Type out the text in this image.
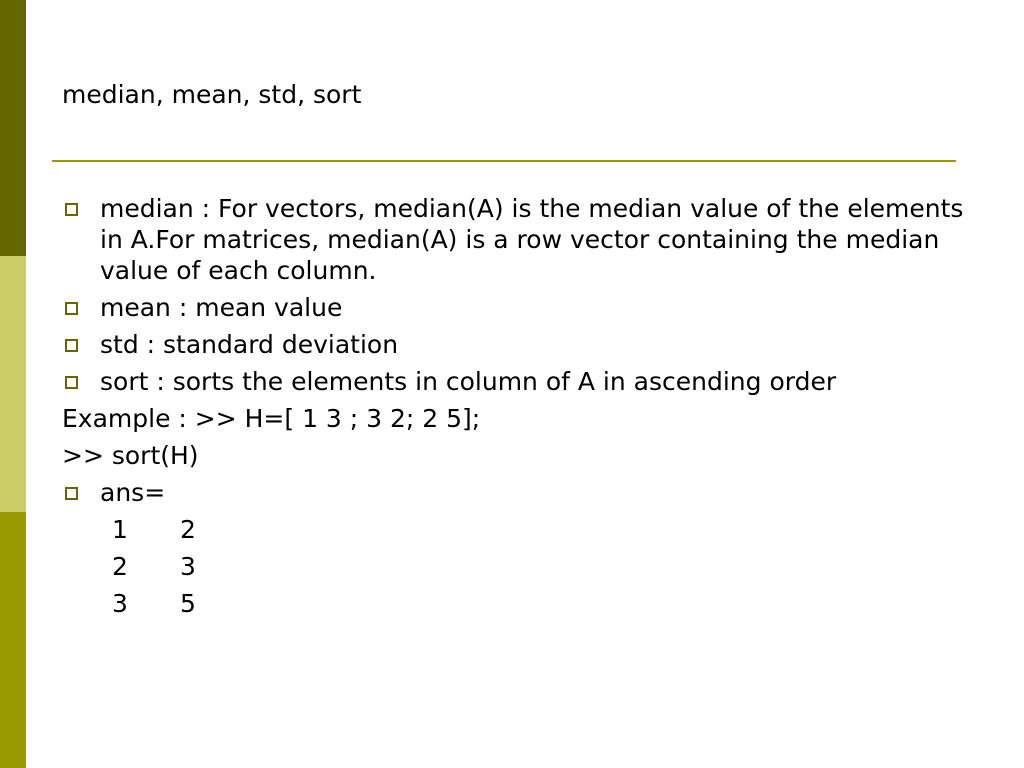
median, mean, std, sort
median : For vectors, median(A) is the median value of the elements in A.For matrices, median(A) is a row vector containing the median value of each column.
mean : mean value
std : standard deviation
sort : sorts the elements in column of A in ascending order
Example : >> H=[ 1 3 ; 3 2; 2 5];
>> sort(H)
ans=
1 2
2 3
3 5
